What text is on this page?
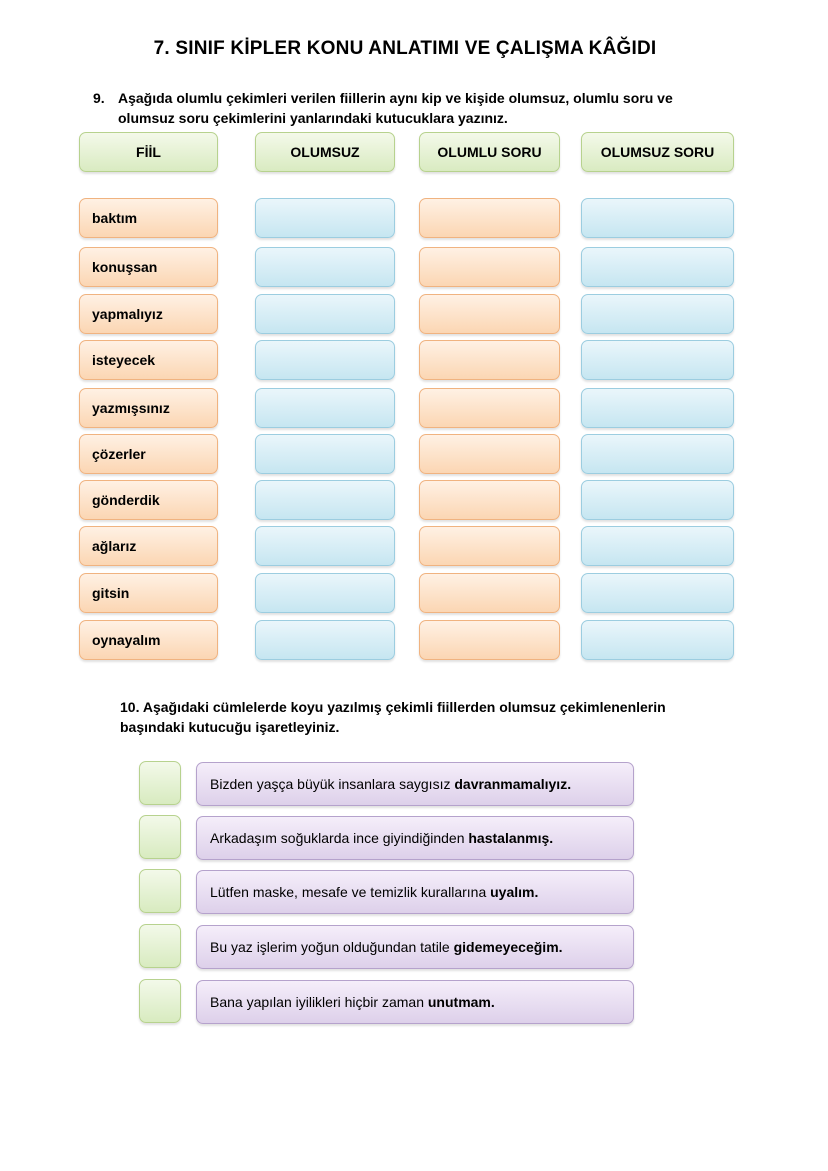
7. SINIF KİPLER KONU ANLATIMI VE ÇALIŞMA KÂĞIDI
9. Aşağıda olumlu çekimleri verilen fiillerin aynı kip ve kişide olumsuz, olumlu soru ve
olumsuz soru çekimlerini yanlarındaki kutucuklara yazınız.
FİİL	OLUMSUZ	OLUMLU SORU	OLUMSUZ SORU
baktım
konuşsan
yapmalıyız
isteyecek
yazmışsınız
çözerler
gönderdik
ağlarız
gitsin
oynayalım
10. Aşağıdaki cümlelerde koyu yazılmış çekimli fiillerden olumsuz çekimlenenlerin
başındaki kutucuğu işaretleyiniz.
Bizden yaşça büyük insanlara saygısız davranmamalıyız.
Arkadaşım soğuklarda ince giyindiğinden hastalanmış.
Lütfen maske, mesafe ve temizlik kurallarına uyalım.
Bu yaz işlerim yoğun olduğundan tatile gidemeyeceğim.
Bana yapılan iyilikleri hiçbir zaman unutmam.
